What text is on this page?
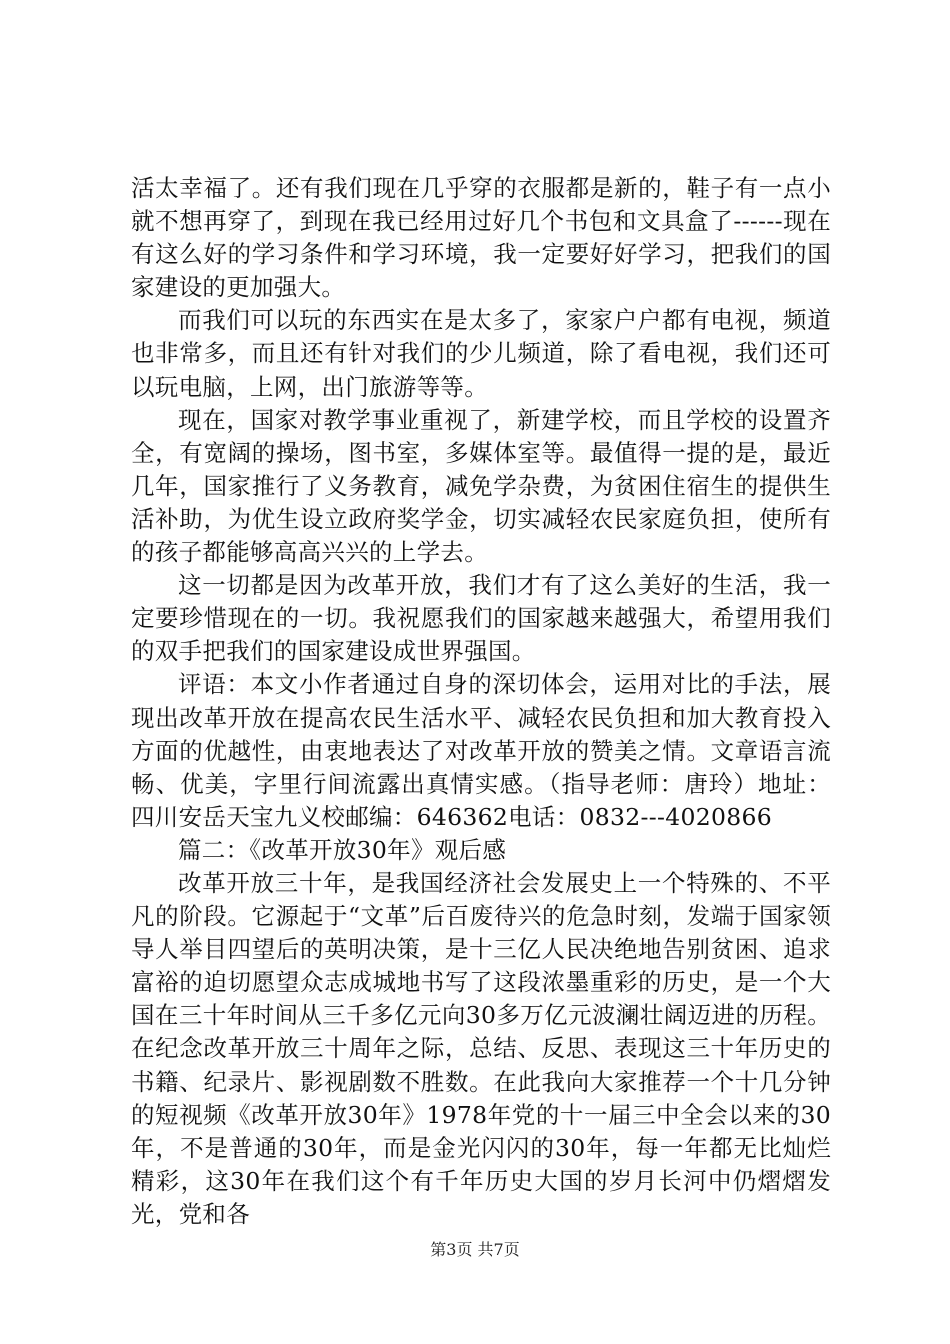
活太幸福了。还有我们现在几乎穿的衣服都是新的，鞋子有一点小就不想再穿了，到现在我已经用过好几个书包和文具盒了------现在有这么好的学习条件和学习环境，我一定要好好学习，把我们的国家建设的更加强大。

而我们可以玩的东西实在是太多了，家家户户都有电视，频道也非常多，而且还有针对我们的少儿频道，除了看电视，我们还可以玩电脑，上网，出门旅游等等。

现在，国家对教学事业重视了，新建学校，而且学校的设置齐全，有宽阔的操场，图书室，多媒体室等。最值得一提的是，最近几年，国家推行了义务教育，减免学杂费，为贫困住宿生的提供生活补助，为优生设立政府奖学金，切实减轻农民家庭负担，使所有的孩子都能够高高兴兴的上学去。

这一切都是因为改革开放，我们才有了这么美好的生活，我一定要珍惜现在的一切。我祝愿我们的国家越来越强大，希望用我们的双手把我们的国家建设成世界强国。

评语：本文小作者通过自身的深切体会，运用对比的手法，展现出改革开放在提高农民生活水平、减轻农民负担和加大教育投入方面的优越性，由衷地表达了对改革开放的赞美之情。文章语言流畅、优美，字里行间流露出真情实感。（指导老师：唐玲）地址：四川安岳天宝九义校邮编：646362电话：0832---4020866

篇二：《改革开放30年》观后感

改革开放三十年，是我国经济社会发展史上一个特殊的、不平凡的阶段。它源起于“文革”后百废待兴的危急时刻，发端于国家领导人举目四望后的英明决策，是十三亿人民决绝地告别贫困、追求富裕的迫切愿望众志成城地书写了这段浓墨重彩的历史，是一个大国在三十年时间从三千多亿元向30多万亿元波澜壮阔迈进的历程。在纪念改革开放三十周年之际，总结、反思、表现这三十年历史的书籍、纪录片、影视剧数不胜数。在此我向大家推荐一个十几分钟的短视频《改革开放30年》1978年党的十一届三中全会以来的30年，不是普通的30年，而是金光闪闪的30年，每一年都无比灿烂精彩，这30年在我们这个有千年历史大国的岁月长河中仍熠熠发光，党和各

第3页 共7页
